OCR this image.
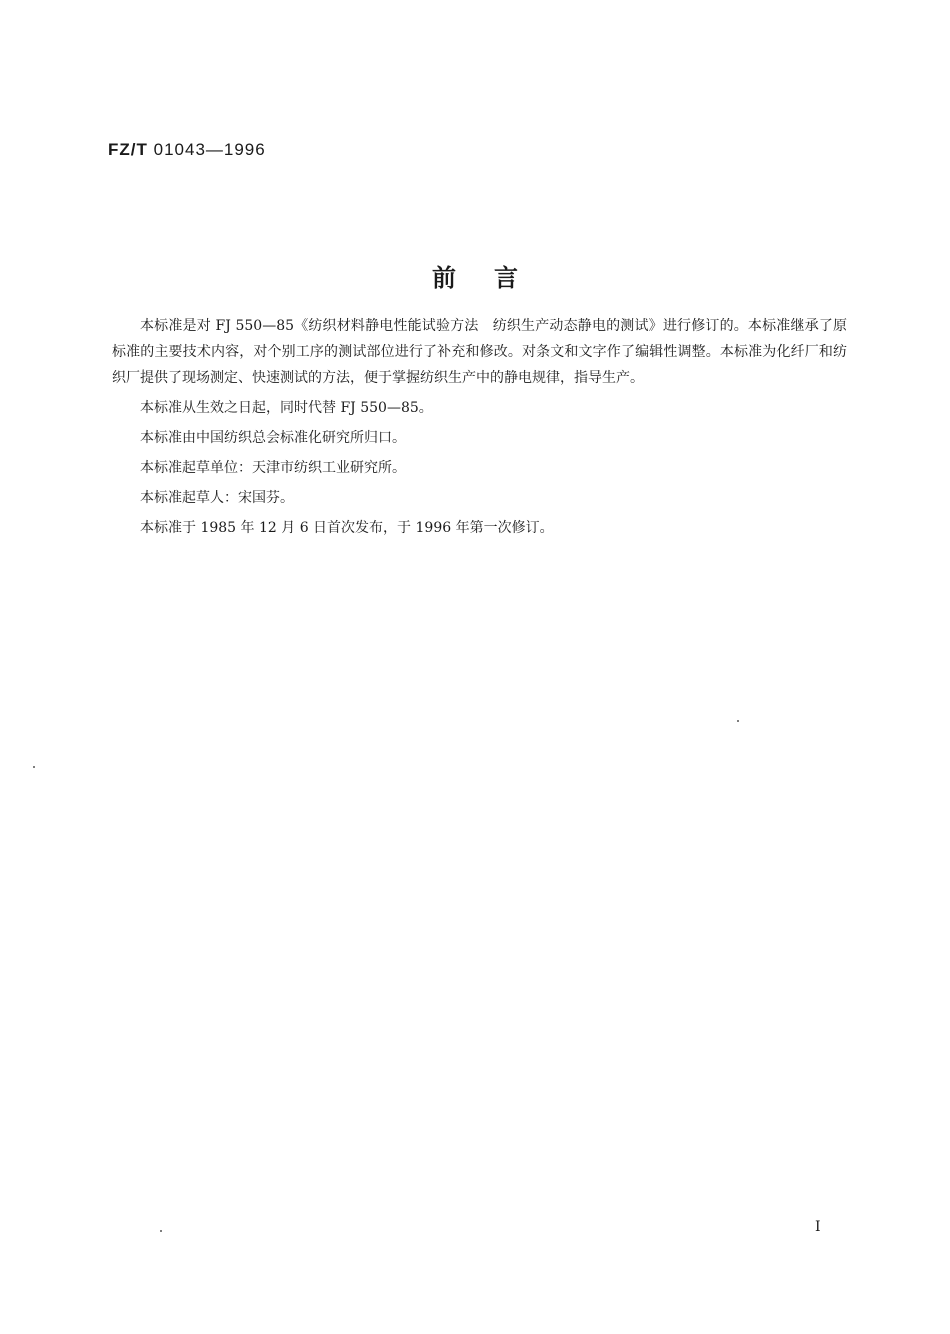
FZ/T 01043—1996
前言

本标准是对 FJ 550—85《纺织材料静电性能试验方法　纺织生产动态静电的测试》进行修订的。本标准继承了原标准的主要技术内容，对个别工序的测试部位进行了补充和修改。对条文和文字作了编辑性调整。本标准为化纤厂和纺织厂提供了现场测定、快速测试的方法，便于掌握纺织生产中的静电规律，指导生产。

本标准从生效之日起，同时代替 FJ 550—85。

本标准由中国纺织总会标准化研究所归口。

本标准起草单位：天津市纺织工业研究所。

本标准起草人：宋国芬。

本标准于 1985 年 12 月 6 日首次发布，于 1996 年第一次修订。

I
